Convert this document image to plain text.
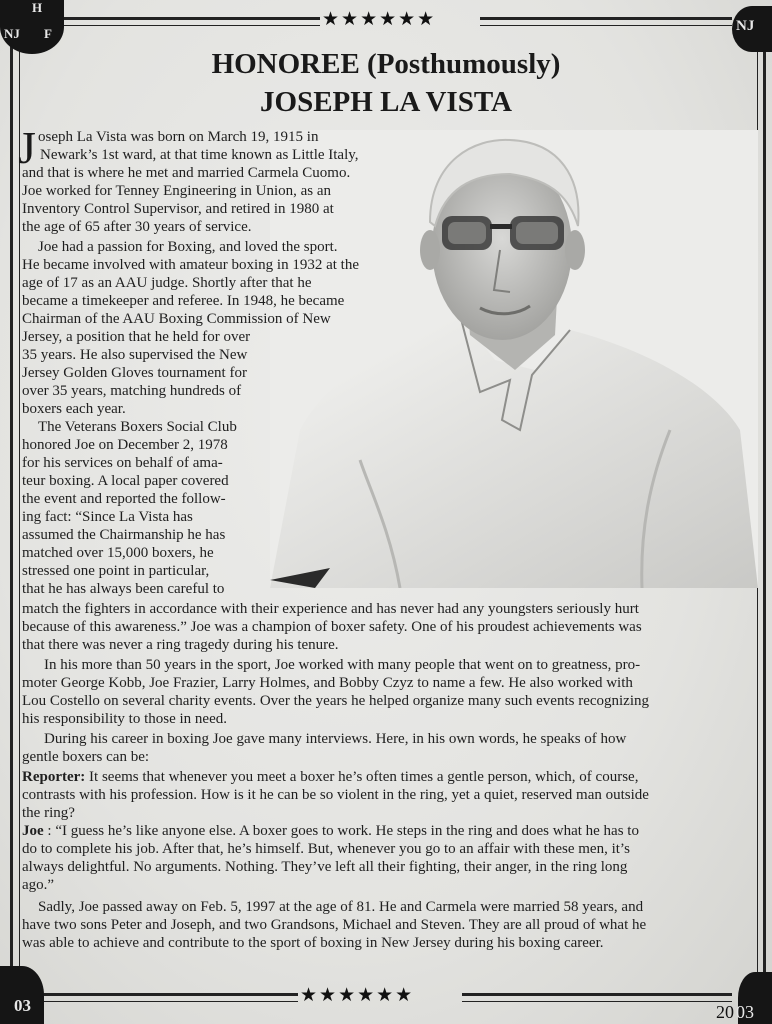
★★★★★★
H
NJ F	NJ
HONOREE (Posthumously)
JOSEPH LA VISTA
J oseph La Vista was born on March 19, 1915 in
Newark’s 1st ward, at that time known as Little Italy,
and that is where he met and married Carmela Cuomo.
Joe worked for Tenney Engineering in Union, as an
Inventory Control Supervisor, and retired in 1980 at
the age of 65 after 30 years of service.
Joe had a passion for Boxing, and loved the sport.
He became involved with amateur boxing in 1932 at the
age of 17 as an AAU judge. Shortly after that he
became a timekeeper and referee. In 1948, he became
Chairman of the AAU Boxing Commission of New
Jersey, a position that he held for over
35 years. He also supervised the New
Jersey Golden Gloves tournament for
over 35 years, matching hundreds of
boxers each year.
The Veterans Boxers Social Club
honored Joe on December 2, 1978
for his services on behalf of ama-
teur boxing. A local paper covered
the event and reported the follow-
ing fact: “Since La Vista has
assumed the Chairmanship he has
matched over 15,000 boxers, he
stressed one point in particular,
that he has always been careful to
match the fighters in accordance with their experience and has never had any youngsters seriously hurt
because of this awareness.” Joe was a champion of boxer safety. One of his proudest achievements was
that there was never a ring tragedy during his tenure.
In his more than 50 years in the sport, Joe worked with many people that went on to greatness, pro-
moter George Kobb, Joe Frazier, Larry Holmes, and Bobby Czyz to name a few. He also worked with
Lou Costello on several charity events. Over the years he helped organize many such events recognizing
his responsibility to those in need.
During his career in boxing Joe gave many interviews. Here, in his own words, he speaks of how
gentle boxers can be:
Reporter: It seems that whenever you meet a boxer he’s often times a gentle person, which, of course,
contrasts with his profession. How is it he can be so violent in the ring, yet a quiet, reserved man outside
the ring?
Joe : “I guess he’s like anyone else. A boxer goes to work. He steps in the ring and does what he has to
do to complete his job. After that, he’s himself. But, whenever you go to an affair with these men, it’s
always delightful. No arguments. Nothing. They’ve left all their fighting, their anger, in the ring long
ago.”
Sadly, Joe passed away on Feb. 5, 1997 at the age of 81. He and Carmela were married 58 years, and
have two sons Peter and Joseph, and two Grandsons, Michael and Steven. They are all proud of what he
was able to achieve and contribute to the sport of boxing in New Jersey during his boxing career.
★★★★★★
03	20 03
